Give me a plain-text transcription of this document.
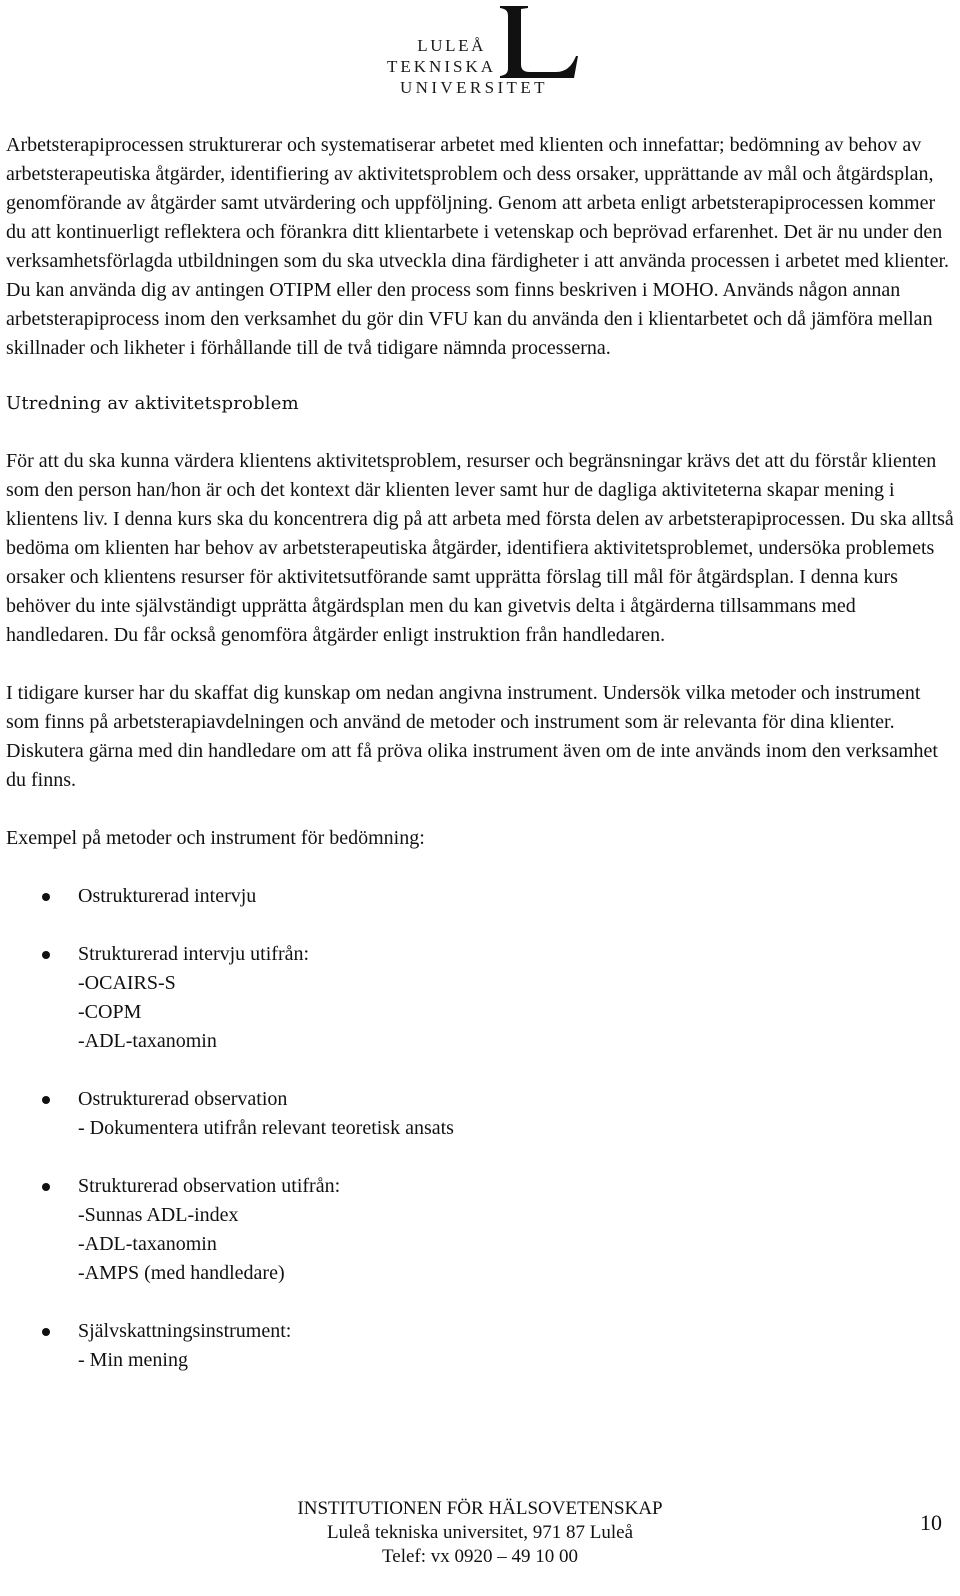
LULEÅ
TEKNISKA
UNIVERSITET

Arbetsterapiprocessen strukturerar och systematiserar arbetet med klienten och innefattar; bedömning av behov av arbetsterapeutiska åtgärder, identifiering av aktivitetsproblem och dess orsaker, upprättande av mål och åtgärdsplan, genomförande av åtgärder samt utvärdering och uppföljning. Genom att arbeta enligt arbetsterapiprocessen kommer du att kontinuerligt reflektera och förankra ditt klientarbete i vetenskap och beprövad erfarenhet. Det är nu under den verksamhetsförlagda utbildningen som du ska utveckla dina färdigheter i att använda processen i arbetet med klienter. Du kan använda dig av antingen OTIPM eller den process som finns beskriven i MOHO. Används någon annan arbetsterapiprocess inom den verksamhet du gör din VFU kan du använda den i klientarbetet och då jämföra mellan skillnader och likheter i förhållande till de två tidigare nämnda processerna.

Utredning av aktivitetsproblem

För att du ska kunna värdera klientens aktivitetsproblem, resurser och begränsningar krävs det att du förstår klienten som den person han/hon är och det kontext där klienten lever samt hur de dagliga aktiviteterna skapar mening i klientens liv. I denna kurs ska du koncentrera dig på att arbeta med första delen av arbetsterapiprocessen. Du ska alltså bedöma om klienten har behov av arbetsterapeutiska åtgärder, identifiera aktivitetsproblemet, undersöka problemets orsaker och klientens resurser för aktivitetsutförande samt upprätta förslag till mål för åtgärdsplan. I denna kurs behöver du inte självständigt upprätta åtgärdsplan men du kan givetvis delta i åtgärderna tillsammans med handledaren. Du får också genomföra åtgärder enligt instruktion från handledaren.

I tidigare kurser har du skaffat dig kunskap om nedan angivna instrument. Undersök vilka metoder och instrument som finns på arbetsterapiavdelningen och använd de metoder och instrument som är relevanta för dina klienter. Diskutera gärna med din handledare om att få pröva olika instrument även om de inte används inom den verksamhet du finns.

Exempel på metoder och instrument för bedömning:

Ostrukturerad intervju
Strukturerad intervju utifrån:
-OCAIRS-S
-COPM
-ADL-taxanomin
Ostrukturerad observation
- Dokumentera utifrån relevant teoretisk ansats
Strukturerad observation utifrån:
-Sunnas ADL-index
-ADL-taxanomin
-AMPS (med handledare)
Självskattningsinstrument:
- Min mening
INSTITUTIONEN FÖR HÄLSOVETENSKAP
Luleå tekniska universitet, 971 87 Luleå
Telef: vx 0920 – 49 10 00
10
